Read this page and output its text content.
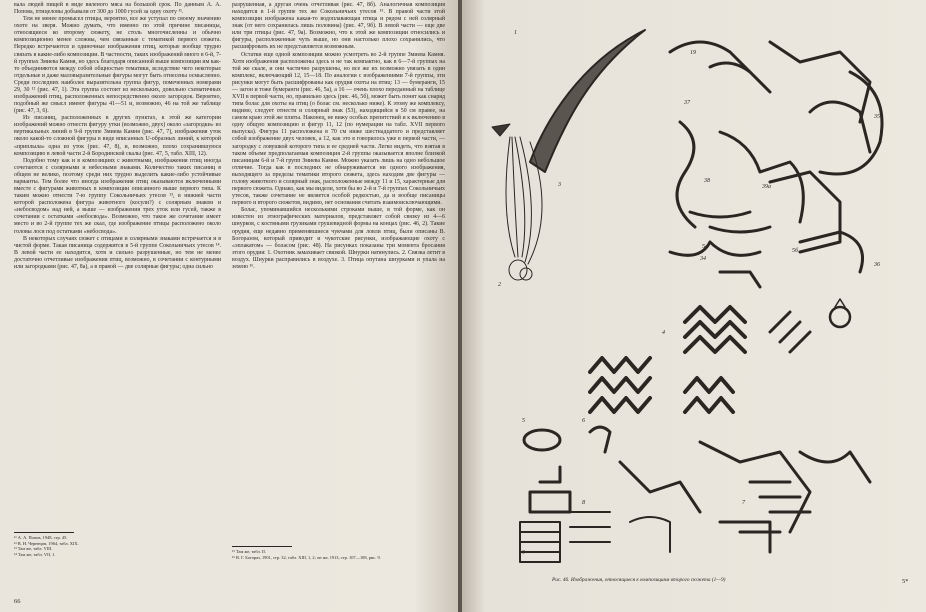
вала людей пищей в виде вяленого мяса на большой срок. По данным А. А. Попова, птицеловы добывали от 300 до 1000 гусей за одну охоту ¹¹.

Тем не менее промысел птицы, вероятно, все же уступал по своему значению охоте на зверя. Можно думать, что именно по этой причине писаницы, относящиеся ко второму сюжету, не столь многочисленны и обычно композиционно менее сложны, чем связанные с тематикой первого сюжета. Нередко встречаются и одиночные изображения птиц, которые вообще трудно связать в какие-либо композиции. В частности, таких изображений много в 6-й, 7-й группах Змиева Камня, но здесь благодаря описанной выше композиции им как-то объединяются между собой общностью тематики, вследствие чего некоторые отдельные и даже маловыразительные фигуры могут быть отнесены осмысленно. Среди последних наиболее выразительна группа фигур, помеченных номерами 29, 30 ¹² (рис. 47, 1). Эта группа состоит из нескольких, довольно схематичных изображений птиц, расположенных непосредственно около загородок. Вероятно, подобный же смысл имеют фигуры 41—51 и, возможно, 46 на той же таблице (рис. 47, 3, 6).

Из писаниц, расположенных в других пунктах, к этой же категории изображений можно отнести фигуру утки (возможно, двух) около «загородки» из вертикальных линий в 9-й группе Змиева Камня (рис. 47, 7), изображения уток около какой-то сложной фигуры в виде вписанных U-образных линий, к которой «приплыла» одна из уток (рис. 47, 8), и, возможно, плохо сохранившуюся композицию в левой части 2-й Бородинской скалы (рис. 47, 5, табл. XIII, 12).

Подобно тому как и в композициях с животными, изображения птиц иногда сочетаются с солярными и небесными знаками. Количество таких писаниц в общем не велико, поэтому среди них трудно выделить какие-либо устойчивые варианты. Тем более что иногда изображения птиц оказываются включенными вместе с фигурами животных в композиции описанного выше первого типа. К таким можно отнести 7-ю группу Сокольничьих утесов ¹³, в нижней части которой расположена фигура животного (косули?) с солярным знаком и «небосводом» над ней, а выше — изображения трех уток или гусей, также в сочетании с остатками «небосвода». Возможно, что такое же сочетание имеет место и во 2-й группе тех же скал, где изображение птицы расположено около головы лося под остатками «небосвода».

В некоторых случаях сюжет с птицами и солярными знаками встречается и в чистой форме. Такая писаница содержится в 5-й группе Сокольничьих утесов ¹⁴. В левой части ее находится, хотя и сильно разрушенные, но тем не менее достаточно отчетливые изображения птиц, возможно, в сочетании с контурными или загородками (рис. 47, 8а), а в правой — две солярные фигуры; одна сильно

разрушенная, а другая очень отчетливая (рис. 47, 8б). Аналогичная композиция находится в 1-й группе тех же Сокольничьих утесов ¹⁵. В правой части этой композиции изображена какая-то водоплавающая птица и рядом с ней солярный знак (от него сохранилась лишь половина) (рис. 47, 9б). В левой части — еще две или три птицы (рис. 47, 9а). Возможно, что к этой же композиции относились и фигуры, расположенные чуть выше, но они настолько плохо сохранились, что расшифровать их не представляется возможным.

Остатки еще одной композиции можно усмотреть во 2-й группе Змиева Камня. Хотя изображения расположены здесь и не так компактно, как в 6—7-й группах на той же скале, и они частично разрушены, но все же их возможно увязать в один комплекс, включающий 12, 15—18. По аналогии с изображениями 7-й группы, эти рисунки могут быть расшифрованы как орудия охоты на птиц: 13 — бумеранги, 15 — загон и тоже бумеранги (рис. 46, 5а), а 16 — очень плохо переданный на таблице XVII в первой части, но, правильно здесь (рис. 46, 5б), может быть понят как снаряд типа болас для охоты на птиц (о болас см. несколько ниже). К этому же комплексу, видимо, следует отнести и солярный знак (53), находящийся в 50 см правее, на самом краю этой же плиты. Наконец, не вижу особых препятствий и к включению в одну общую композицию и фигур 11, 12 (по нумерации на табл. XVII первого выпуска). Фигура 11 расположена в 70 см ниже шестнадцатого и представляет собой изображение двух человек, а 12, как это я говорилось уже в первой части, — загородку с ловушкой которого типа и ее средней части. Легко видеть, что взятая в таком объеме предполагаемая композиция 2-й группы оказывается вполне близкой писаницам 6-й и 7-й групп Змиева Камня. Можно указать лишь на одно небольшое отличие. Тогда как в последних не обнаруживается ни одного изображения, выходящего за пределы тематики второго сюжета, здесь находим две фигуры — голову животного и солярный знак, расположенные между 11 и 15, характерные для первого сюжета. Однако, как мы видели, хотя бы во 2-й и 7-й группах Сокольничьих утесов, также сочетание не является особой редкостью, да и вообще писаницы первого и второго сюжетов, видимо, нет основания считать взаимоисключающими.

Болас, упоминавшийся несколькими строками выше, в той форме, как он известен из этнографических материалов, представляет собой связку из 4—6 шнурков, с костяными грузиками грушевидной формы на концах (рис. 46, 2). Такие орудия, еще недавно применявшиеся чукчами для ловли птиц, были описаны В. Богоразом, который приводит и чукотские рисунки, изображающие охоту с «эплакатом» — боласом (рис. 48). На рисунках показаны три момента бросания этого орудия: 1. Охотник замахивает связкой. Шнурки натянулись. 2. Связка летит в воздух. Шнурки расправились в воздухе. 3. Птица опутана шнурками и упала на землю ¹⁶.

¹¹ А. А. Попов, 1948, стр. 45.
¹² В. Н. Чернецов, 1964, табл. XIX.
¹³ Там же, табл. VIII.
¹⁴ Там же, табл. VII, 1.
¹⁵ Там же, табл. II.
¹⁶ В. Г. Богораз, 1901, стр. 32, табл. XIII, 1, 2; он же, 1913, стр. 107—108, рис. 9.
66
1
2
3
4
5
5а
5б
6
7
8
9
19
34
35
36
37
38
39а
Рис. 46. Изображения, относящиеся к композициям второго сюжета (1—9)	5*
